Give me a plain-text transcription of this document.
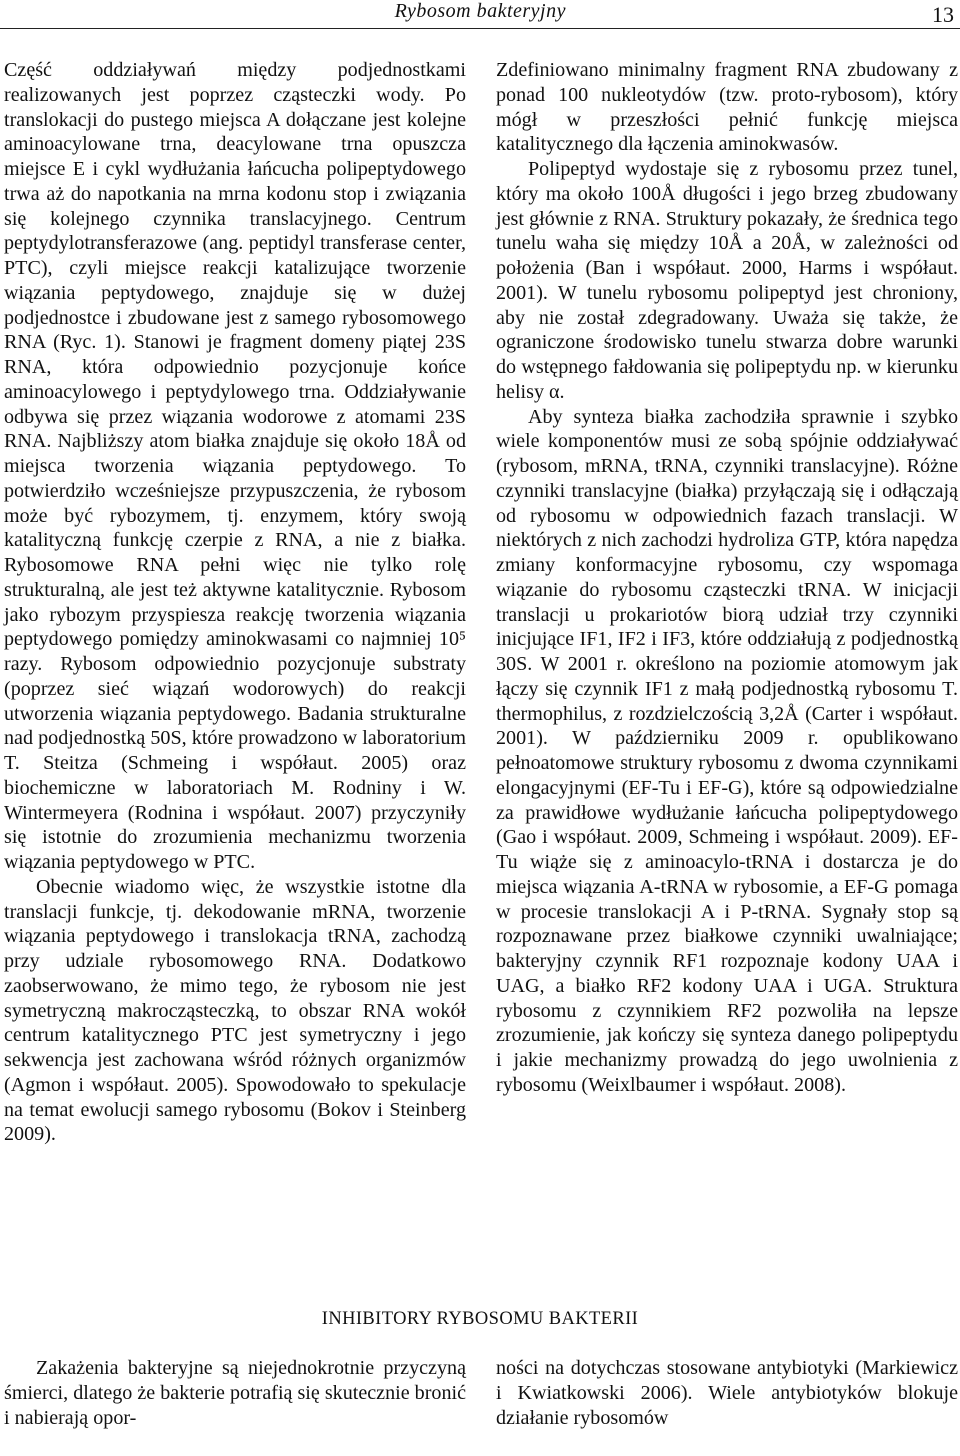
Rybosom bakteryjny	13

Część oddziaływań między podjednostkami realizowanych jest poprzez cząsteczki wody. Po translokacji do pustego miejsca A dołączane jest kolejne aminoacylowane trna, deacylowane trna opuszcza miejsce E i cykl wydłużania łańcucha polipeptydowego trwa aż do napotkania na mrna kodonu stop i związania się kolejnego czynnika translacyjnego. Centrum peptydylotransferazowe (ang. peptidyl transferase center, PTC), czyli miejsce reakcji katalizujące tworzenie wiązania peptydowego, znajduje się w dużej podjednostce i zbudowane jest z samego rybosomowego RNA (Ryc. 1). Stanowi je fragment domeny piątej 23S RNA, która odpowiednio pozycjonuje końce aminoacylowego i peptydylowego trna. Oddziaływanie odbywa się przez wiązania wodorowe z atomami 23S RNA. Najbliższy atom białka znajduje się około 18Å od miejsca tworzenia wiązania peptydowego. To potwierdziło wcześniejsze przypuszczenia, że rybosom może być rybozymem, tj. enzymem, który swoją katalityczną funkcję czerpie z RNA, a nie z białka. Rybosomowe RNA pełni więc nie tylko rolę strukturalną, ale jest też aktywne katalitycznie. Rybosom jako rybozym przyspiesza reakcję tworzenia wiązania peptydowego pomiędzy aminokwasami co najmniej 10⁵ razy. Rybosom odpowiednio pozycjonuje substraty (poprzez sieć wiązań wodorowych) do reakcji utworzenia wiązania peptydowego. Badania strukturalne nad podjednostką 50S, które prowadzono w laboratorium T. Steitza (Schmeing i współaut. 2005) oraz biochemiczne w laboratoriach M. Rodniny i W. Wintermeyera (Rodnina i współaut. 2007) przyczyniły się istotnie do zrozumienia mechanizmu tworzenia wiązania peptydowego w PTC.

Obecnie wiadomo więc, że wszystkie istotne dla translacji funkcje, tj. dekodowanie mRNA, tworzenie wiązania peptydowego i translokacja tRNA, zachodzą przy udziale rybosomowego RNA. Dodatkowo zaobserwowano, że mimo tego, że rybosom nie jest symetryczną makrocząsteczką, to obszar RNA wokół centrum katalitycznego PTC jest symetryczny i jego sekwencja jest zachowana wśród różnych organizmów (Agmon i współaut. 2005). Spowodowało to spekulacje na temat ewolucji samego rybosomu (Bokov i Steinberg 2009).

Zdefiniowano minimalny fragment RNA zbudowany z ponad 100 nukleotydów (tzw. proto-rybosom), który mógł w przeszłości pełnić funkcję miejsca katalitycznego dla łączenia aminokwasów.

Polipeptyd wydostaje się z rybosomu przez tunel, który ma około 100Å długości i jego brzeg zbudowany jest głównie z RNA. Struktury pokazały, że średnica tego tunelu waha się między 10Å a 20Å, w zależności od położenia (Ban i współaut. 2000, Harms i współaut. 2001). W tunelu rybosomu polipeptyd jest chroniony, aby nie został zdegradowany. Uważa się także, że ograniczone środowisko tunelu stwarza dobre warunki do wstępnego fałdowania się polipeptydu np. w kierunku helisy α.

Aby synteza białka zachodziła sprawnie i szybko wiele komponentów musi ze sobą spójnie oddziaływać (rybosom, mRNA, tRNA, czynniki translacyjne). Różne czynniki translacyjne (białka) przyłączają się i odłączają od rybosomu w odpowiednich fazach translacji. W niektórych z nich zachodzi hydroliza GTP, która napędza zmiany konformacyjne rybosomu, czy wspomaga wiązanie do rybosomu cząsteczki tRNA. W inicjacji translacji u prokariotów biorą udział trzy czynniki inicjujące IF1, IF2 i IF3, które oddziałują z podjednostką 30S. W 2001 r. określono na poziomie atomowym jak łączy się czynnik IF1 z małą podjednostką rybosomu T. thermophilus, z rozdzielczością 3,2Å (Carter i współaut. 2001). W październiku 2009 r. opublikowano pełnoatomowe struktury rybosomu z dwoma czynnikami elongacyjnymi (EF-Tu i EF-G), które są odpowiedzialne za prawidłowe wydłużanie łańcucha polipeptydowego (Gao i współaut. 2009, Schmeing i współaut. 2009). EF-Tu wiąże się z aminoacylo-tRNA i dostarcza je do miejsca wiązania A-tRNA w rybosomie, a EF-G pomaga w procesie translokacji A i P-tRNA. Sygnały stop są rozpoznawane przez białkowe czynniki uwalniające; bakteryjny czynnik RF1 rozpoznaje kodony UAA i UAG, a białko RF2 kodony UAA i UGA. Struktura rybosomu z czynnikiem RF2 pozwoliła na lepsze zrozumienie, jak kończy się synteza danego polipeptydu i jakie mechanizmy prowadzą do jego uwolnienia z rybosomu (Weixlbaumer i współaut. 2008).

INHIBITORY RYBOSOMU BAKTERII

Zakażenia bakteryjne są niejednokrotnie przyczyną śmierci, dlatego że bakterie potrafią się skutecznie bronić i nabierają opor-

ności na dotychczas stosowane antybiotyki (Markiewicz i Kwiatkowski 2006). Wiele antybiotyków blokuje działanie rybosomów
